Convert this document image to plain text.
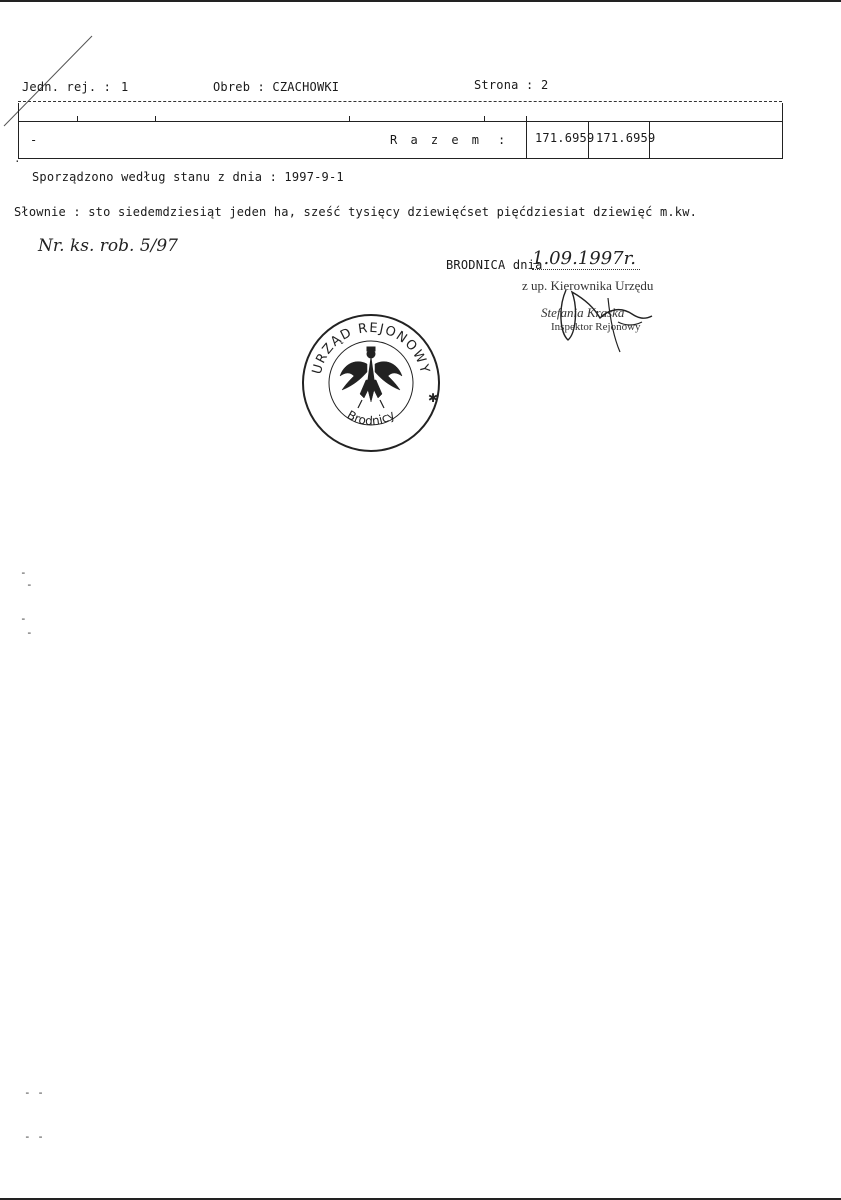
Jedn. rej. : 1	Obreb : CZACHOWKI	Strona : 2
-	R a z e m : 171.6959 171.6959
·
Sporządzono według stanu z dnia : 1997-9-1
Słownie : sto siedemdziesiąt jeden ha, sześć tysięcy dziewięćset pięćdziesiat dziewięć m.kw.
Nr. ks. rob. 5/97
BRODNICA dnia
1.09.1997r.
z up. Kierownika Urzędu
Stefania Kraska
Inspektor Rejonowy
URZĄD REJONOWY
Brodnicy
✱
-
-
-
-
- -
- -
